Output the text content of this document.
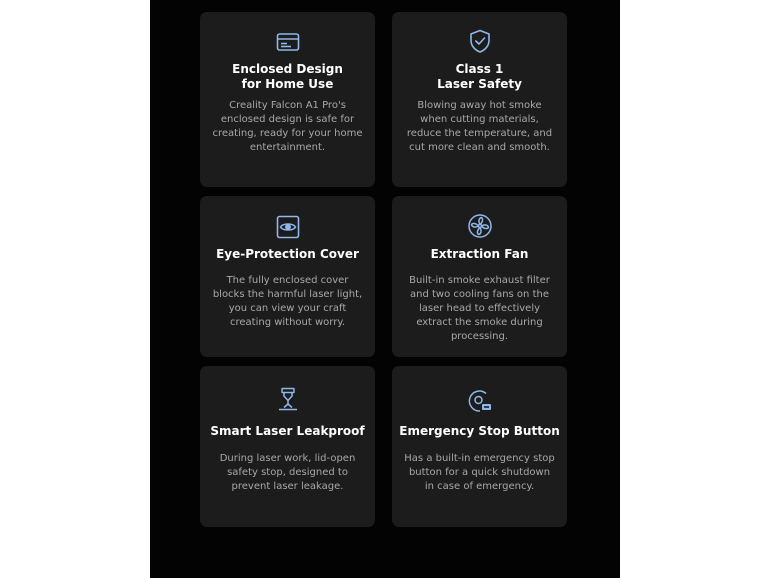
Enclosed Design
for Home Use
Creality Falcon A1 Pro's enclosed design is safe for creating, ready for your home entertainment.
Class 1
Laser Safety
Blowing away hot smoke when cutting materials, reduce the temperature, and cut more clean and smooth.
Eye-Protection Cover
The fully enclosed cover blocks the harmful laser light, you can view your craft creating without worry.
Extraction Fan
Built-in smoke exhaust filter and two cooling fans on the laser head to effectively extract the smoke during processing.
Smart Laser Leakproof
During laser work, lid-open safety stop, designed to prevent laser leakage.
Emergency Stop Button
Has a built-in emergency stop button for a quick shutdown in case of emergency.
